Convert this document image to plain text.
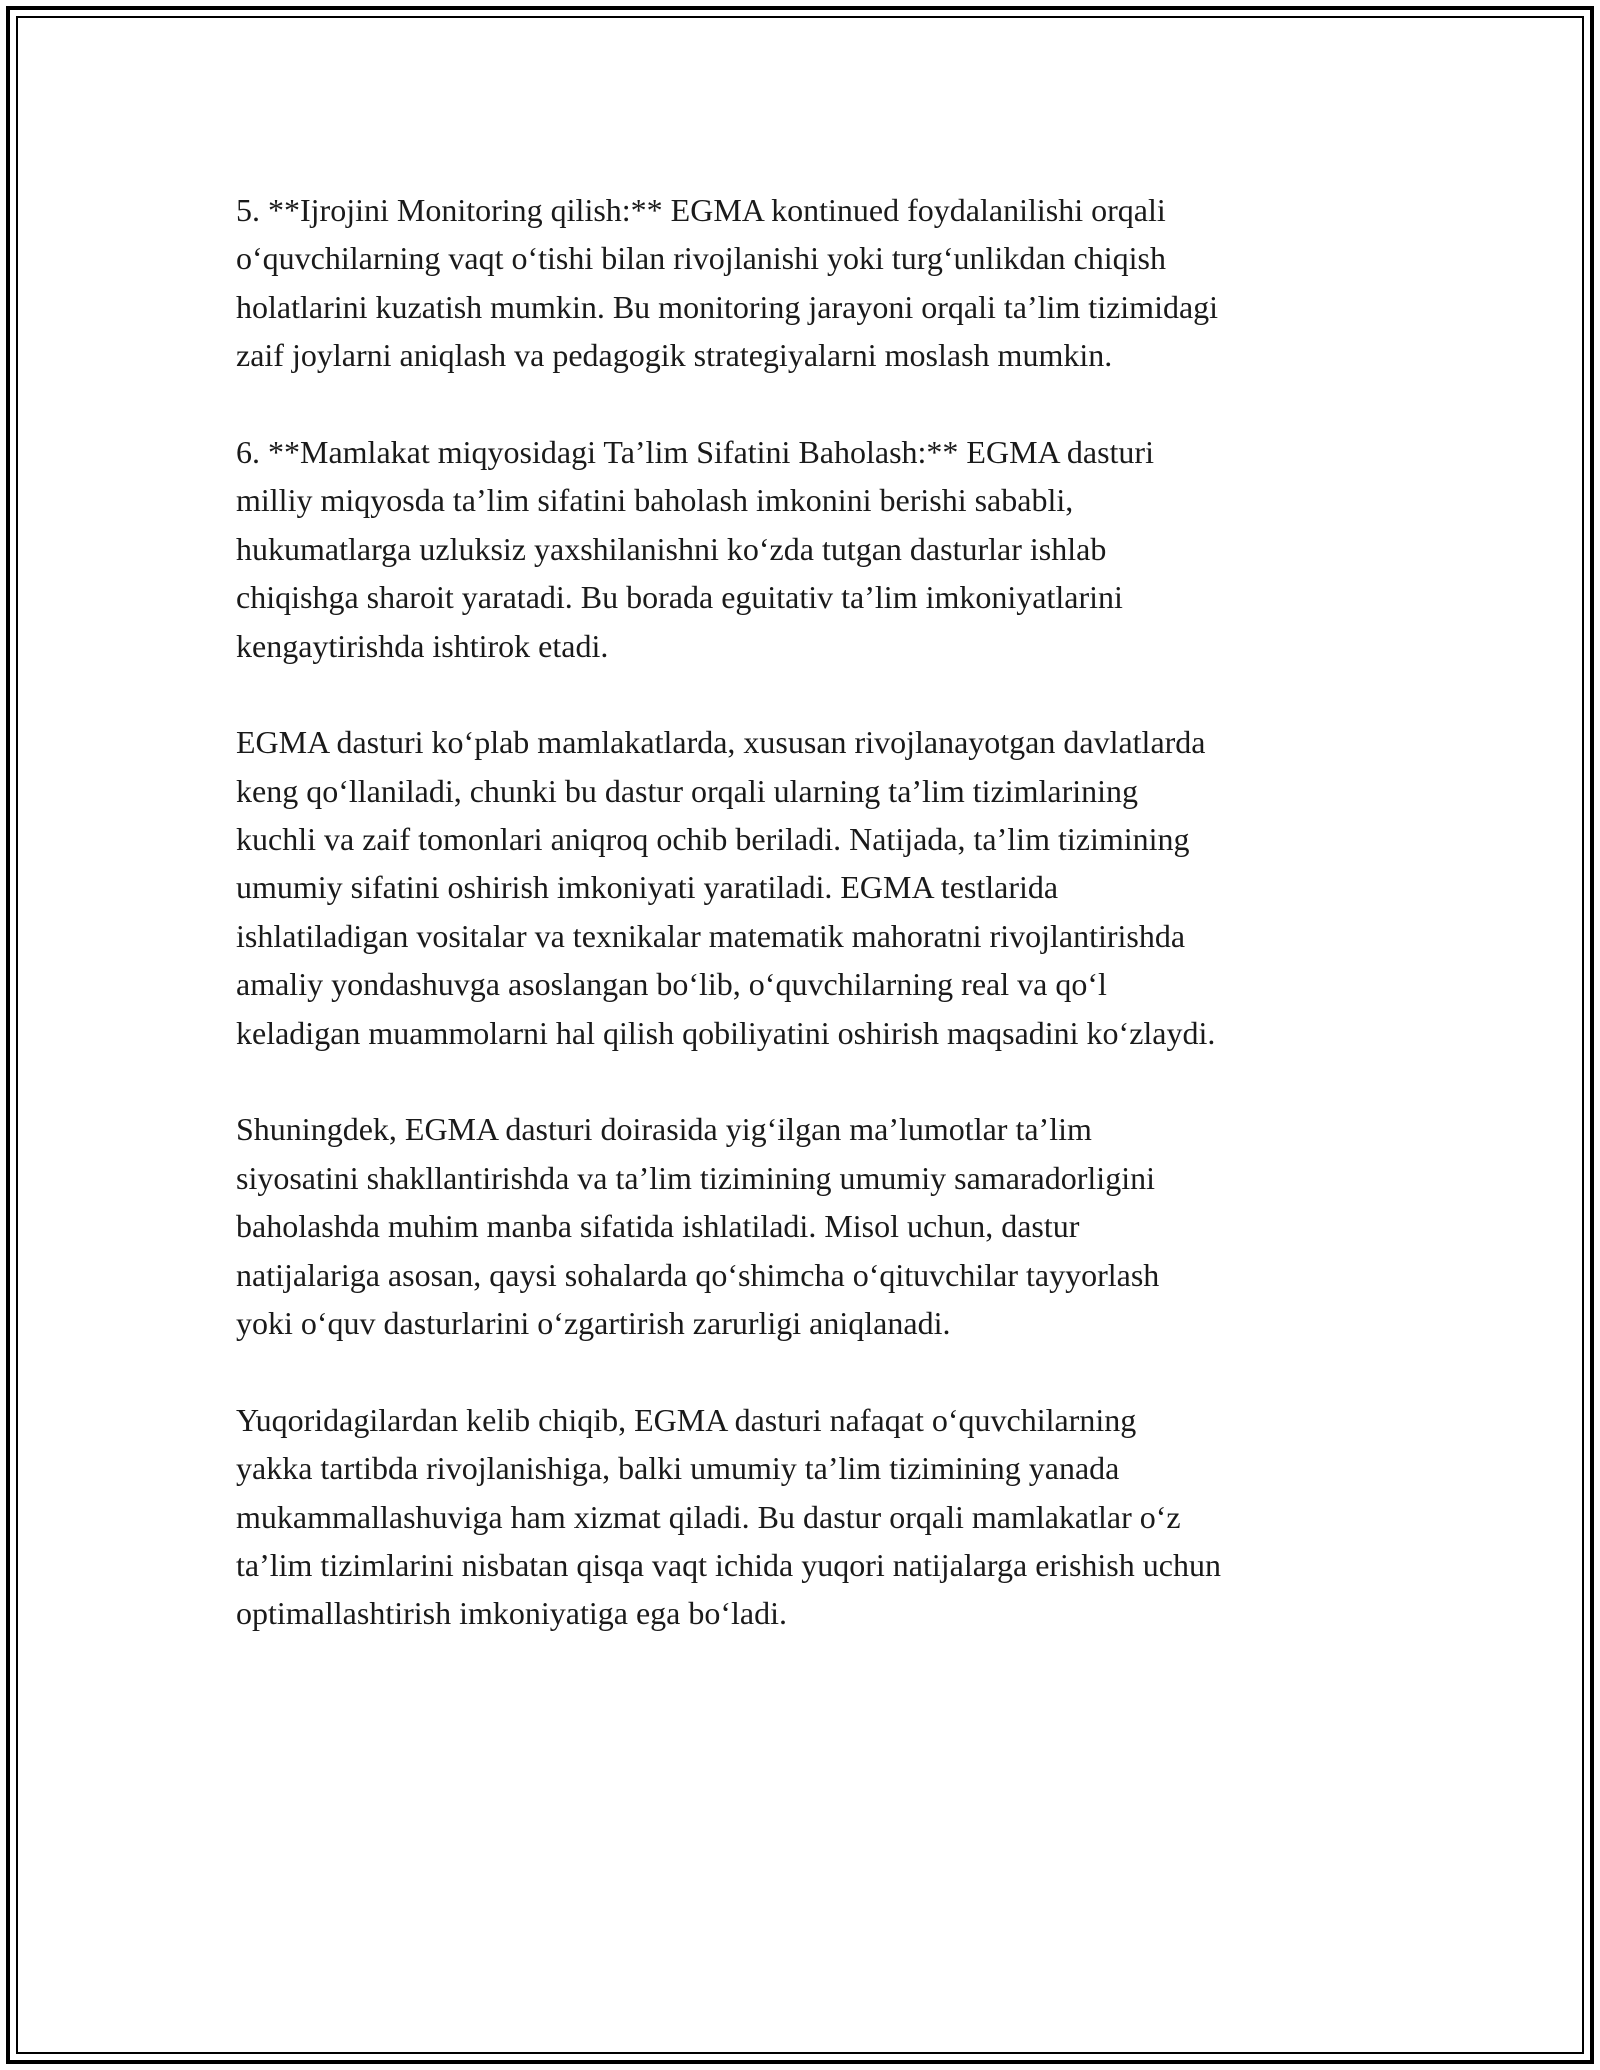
5. **Ijrojini Monitoring qilish:** EGMA kontinued foydalanilishi orqali
o‘quvchilarning vaqt o‘tishi bilan rivojlanishi yoki turg‘unlikdan chiqish
holatlarini kuzatish mumkin. Bu monitoring jarayoni orqali ta’lim tizimidagi
zaif joylarni aniqlash va pedagogik strategiyalarni moslash mumkin.

6. **Mamlakat miqyosidagi Ta’lim Sifatini Baholash:** EGMA dasturi
milliy miqyosda ta’lim sifatini baholash imkonini berishi sababli,
hukumatlarga uzluksiz yaxshilanishni ko‘zda tutgan dasturlar ishlab
chiqishga sharoit yaratadi. Bu borada eguitativ ta’lim imkoniyatlarini
kengaytirishda ishtirok etadi.

EGMA dasturi ko‘plab mamlakatlarda, xususan rivojlanayotgan davlatlarda
keng qo‘llaniladi, chunki bu dastur orqali ularning ta’lim tizimlarining
kuchli va zaif tomonlari aniqroq ochib beriladi. Natijada, ta’lim tizimining
umumiy sifatini oshirish imkoniyati yaratiladi. EGMA testlarida
ishlatiladigan vositalar va texnikalar matematik mahoratni rivojlantirishda
amaliy yondashuvga asoslangan bo‘lib, o‘quvchilarning real va qo‘l
keladigan muammolarni hal qilish qobiliyatini oshirish maqsadini ko‘zlaydi.

Shuningdek, EGMA dasturi doirasida yig‘ilgan ma’lumotlar ta’lim
siyosatini shakllantirishda va ta’lim tizimining umumiy samaradorligini
baholashda muhim manba sifatida ishlatiladi. Misol uchun, dastur
natijalariga asosan, qaysi sohalarda qo‘shimcha o‘qituvchilar tayyorlash
yoki o‘quv dasturlarini o‘zgartirish zarurligi aniqlanadi.

Yuqoridagilardan kelib chiqib, EGMA dasturi nafaqat o‘quvchilarning
yakka tartibda rivojlanishiga, balki umumiy ta’lim tizimining yanada
mukammallashuviga ham xizmat qiladi. Bu dastur orqali mamlakatlar o‘z
ta’lim tizimlarini nisbatan qisqa vaqt ichida yuqori natijalarga erishish uchun
optimallashtirish imkoniyatiga ega bo‘ladi.
